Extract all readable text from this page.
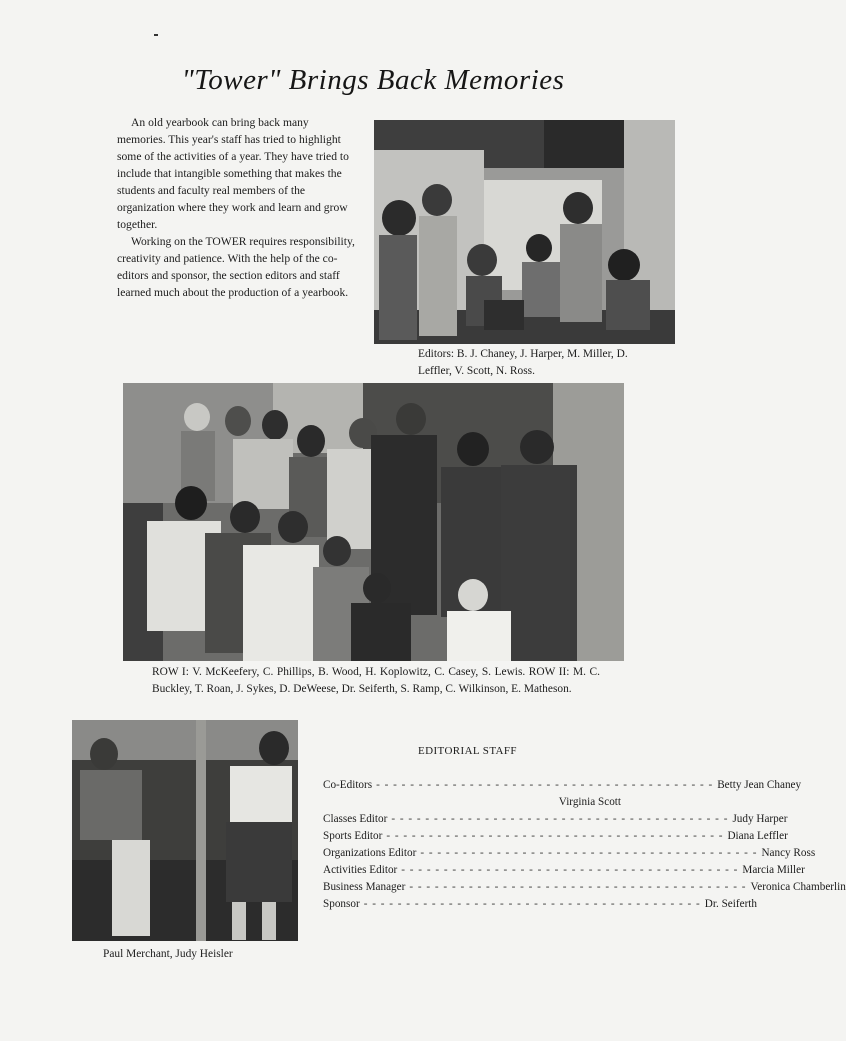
"Tower" Brings Back Memories

An old yearbook can bring back many memories. This year's staff has tried to highlight some of the activities of a year. They have tried to include that intangible something that makes the students and faculty real members of the organization where they work and learn and grow together.

Working on the TOWER requires responsibility, creativity and patience. With the help of the co-editors and sponsor, the section editors and staff learned much about the production of a yearbook.

Editors: B. J. Chaney, J. Harper, M. Miller, D. Leffler, V. Scott, N. Ross.
ROW I: V. McKeefery, C. Phillips, B. Wood, H. Koplowitz, C. Casey, S. Lewis. ROW II: M. C. Buckley, T. Roan, J. Sykes, D. DeWeese, Dr. Seiferth, S. Ramp, C. Wilkinson, E. Matheson.
Paul Merchant, Judy Heisler
EDITORIAL STAFF
Co-Editors - - - - - - - - - - - - - - - - - - - - - - - - - - - - - - - - - - - - - - - - Betty Jean Chaney
Virginia Scott
Classes Editor - - - - - - - - - - - - - - - - - - - - - - - - - - - - - - - - - - - - - - - - Judy Harper
Sports Editor - - - - - - - - - - - - - - - - - - - - - - - - - - - - - - - - - - - - - - - - Diana Leffler
Organizations Editor - - - - - - - - - - - - - - - - - - - - - - - - - - - - - - - - - - - - - - - - Nancy Ross
Activities Editor - - - - - - - - - - - - - - - - - - - - - - - - - - - - - - - - - - - - - - - - Marcia Miller
Business Manager - - - - - - - - - - - - - - - - - - - - - - - - - - - - - - - - - - - - - - - - Veronica Chamberlin
Sponsor - - - - - - - - - - - - - - - - - - - - - - - - - - - - - - - - - - - - - - - - Dr. Seiferth
